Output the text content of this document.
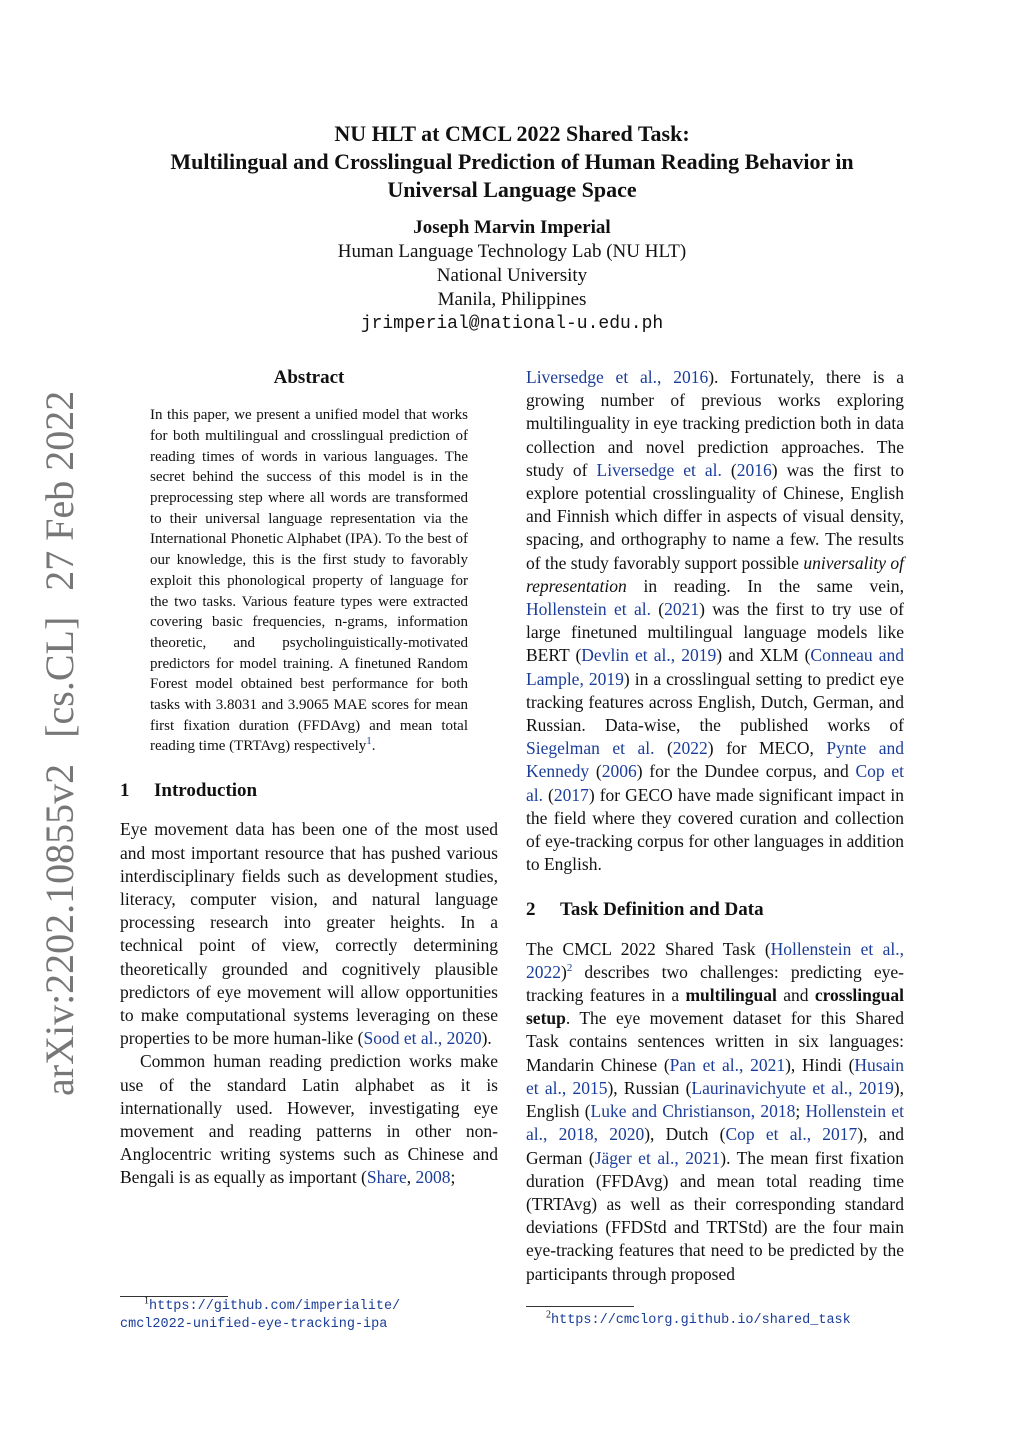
arXiv:2202.10855v2 [cs.CL] 27 Feb 2022
NU HLT at CMCL 2022 Shared Task:
Multilingual and Crosslingual Prediction of Human Reading Behavior in
Universal Language Space
Joseph Marvin Imperial
Human Language Technology Lab (NU HLT)
National University
Manila, Philippines
jrimperial@national-u.edu.ph
Abstract
In this paper, we present a unified model that works for both multilingual and crosslingual prediction of reading times of words in various languages. The secret behind the success of this model is in the preprocessing step where all words are transformed to their universal language representation via the International Phonetic Alphabet (IPA). To the best of our knowledge, this is the first study to favorably exploit this phonological property of language for the two tasks. Various feature types were extracted covering basic frequencies, n-grams, information theoretic, and psycholinguistically-motivated predictors for model training. A finetuned Random Forest model obtained best performance for both tasks with 3.8031 and 3.9065 MAE scores for mean first fixation duration (FFDAvg) and mean total reading time (TRTAvg) respectively$^1$.
1 Introduction

Eye movement data has been one of the most used and most important resource that has pushed various interdisciplinary fields such as development studies, literacy, computer vision, and natural language processing research into greater heights. In a technical point of view, correctly determining theoretically grounded and cognitively plausible predictors of eye movement will allow opportunities to make computational systems leveraging on these properties to be more human-like (Sood et al., 2020).

Common human reading prediction works make use of the standard Latin alphabet as it is internationally used. However, investigating eye movement and reading patterns in other non-Anglocentric writing systems such as Chinese and Bengali is as equally as important (Share, 2008;

Liversedge et al., 2016). Fortunately, there is a growing number of previous works exploring multilinguality in eye tracking prediction both in data collection and novel prediction approaches. The study of Liversedge et al. (2016) was the first to explore potential crosslinguality of Chinese, English and Finnish which differ in aspects of visual density, spacing, and orthography to name a few. The results of the study favorably support possible universality of representation in reading. In the same vein, Hollenstein et al. (2021) was the first to try use of large finetuned multilingual language models like BERT (Devlin et al., 2019) and XLM (Conneau and Lample, 2019) in a crosslingual setting to predict eye tracking features across English, Dutch, German, and Russian. Data-wise, the published works of Siegelman et al. (2022) for MECO, Pynte and Kennedy (2006) for the Dundee corpus, and Cop et al. (2017) for GECO have made significant impact in the field where they covered curation and collection of eye-tracking corpus for other languages in addition to English.

2 Task Definition and Data

The CMCL 2022 Shared Task (Hollenstein et al., 2022)$^2$ describes two challenges: predicting eye-tracking features in a multilingual and crosslingual setup. The eye movement dataset for this Shared Task contains sentences written in six languages: Mandarin Chinese (Pan et al., 2021), Hindi (Husain et al., 2015), Russian (Laurinavichyute et al., 2019), English (Luke and Christianson, 2018; Hollenstein et al., 2018, 2020), Dutch (Cop et al., 2017), and German (Jäger et al., 2021). The mean first fixation duration (FFDAvg) and mean total reading time (TRTAvg) as well as their corresponding standard deviations (FFDStd and TRTStd) are the four main eye-tracking features that need to be predicted by the participants through proposed

$^1$https://github.com/imperialite/
cmcl2022-unified-eye-tracking-ipa
$^2$https://cmclorg.github.io/shared_task
